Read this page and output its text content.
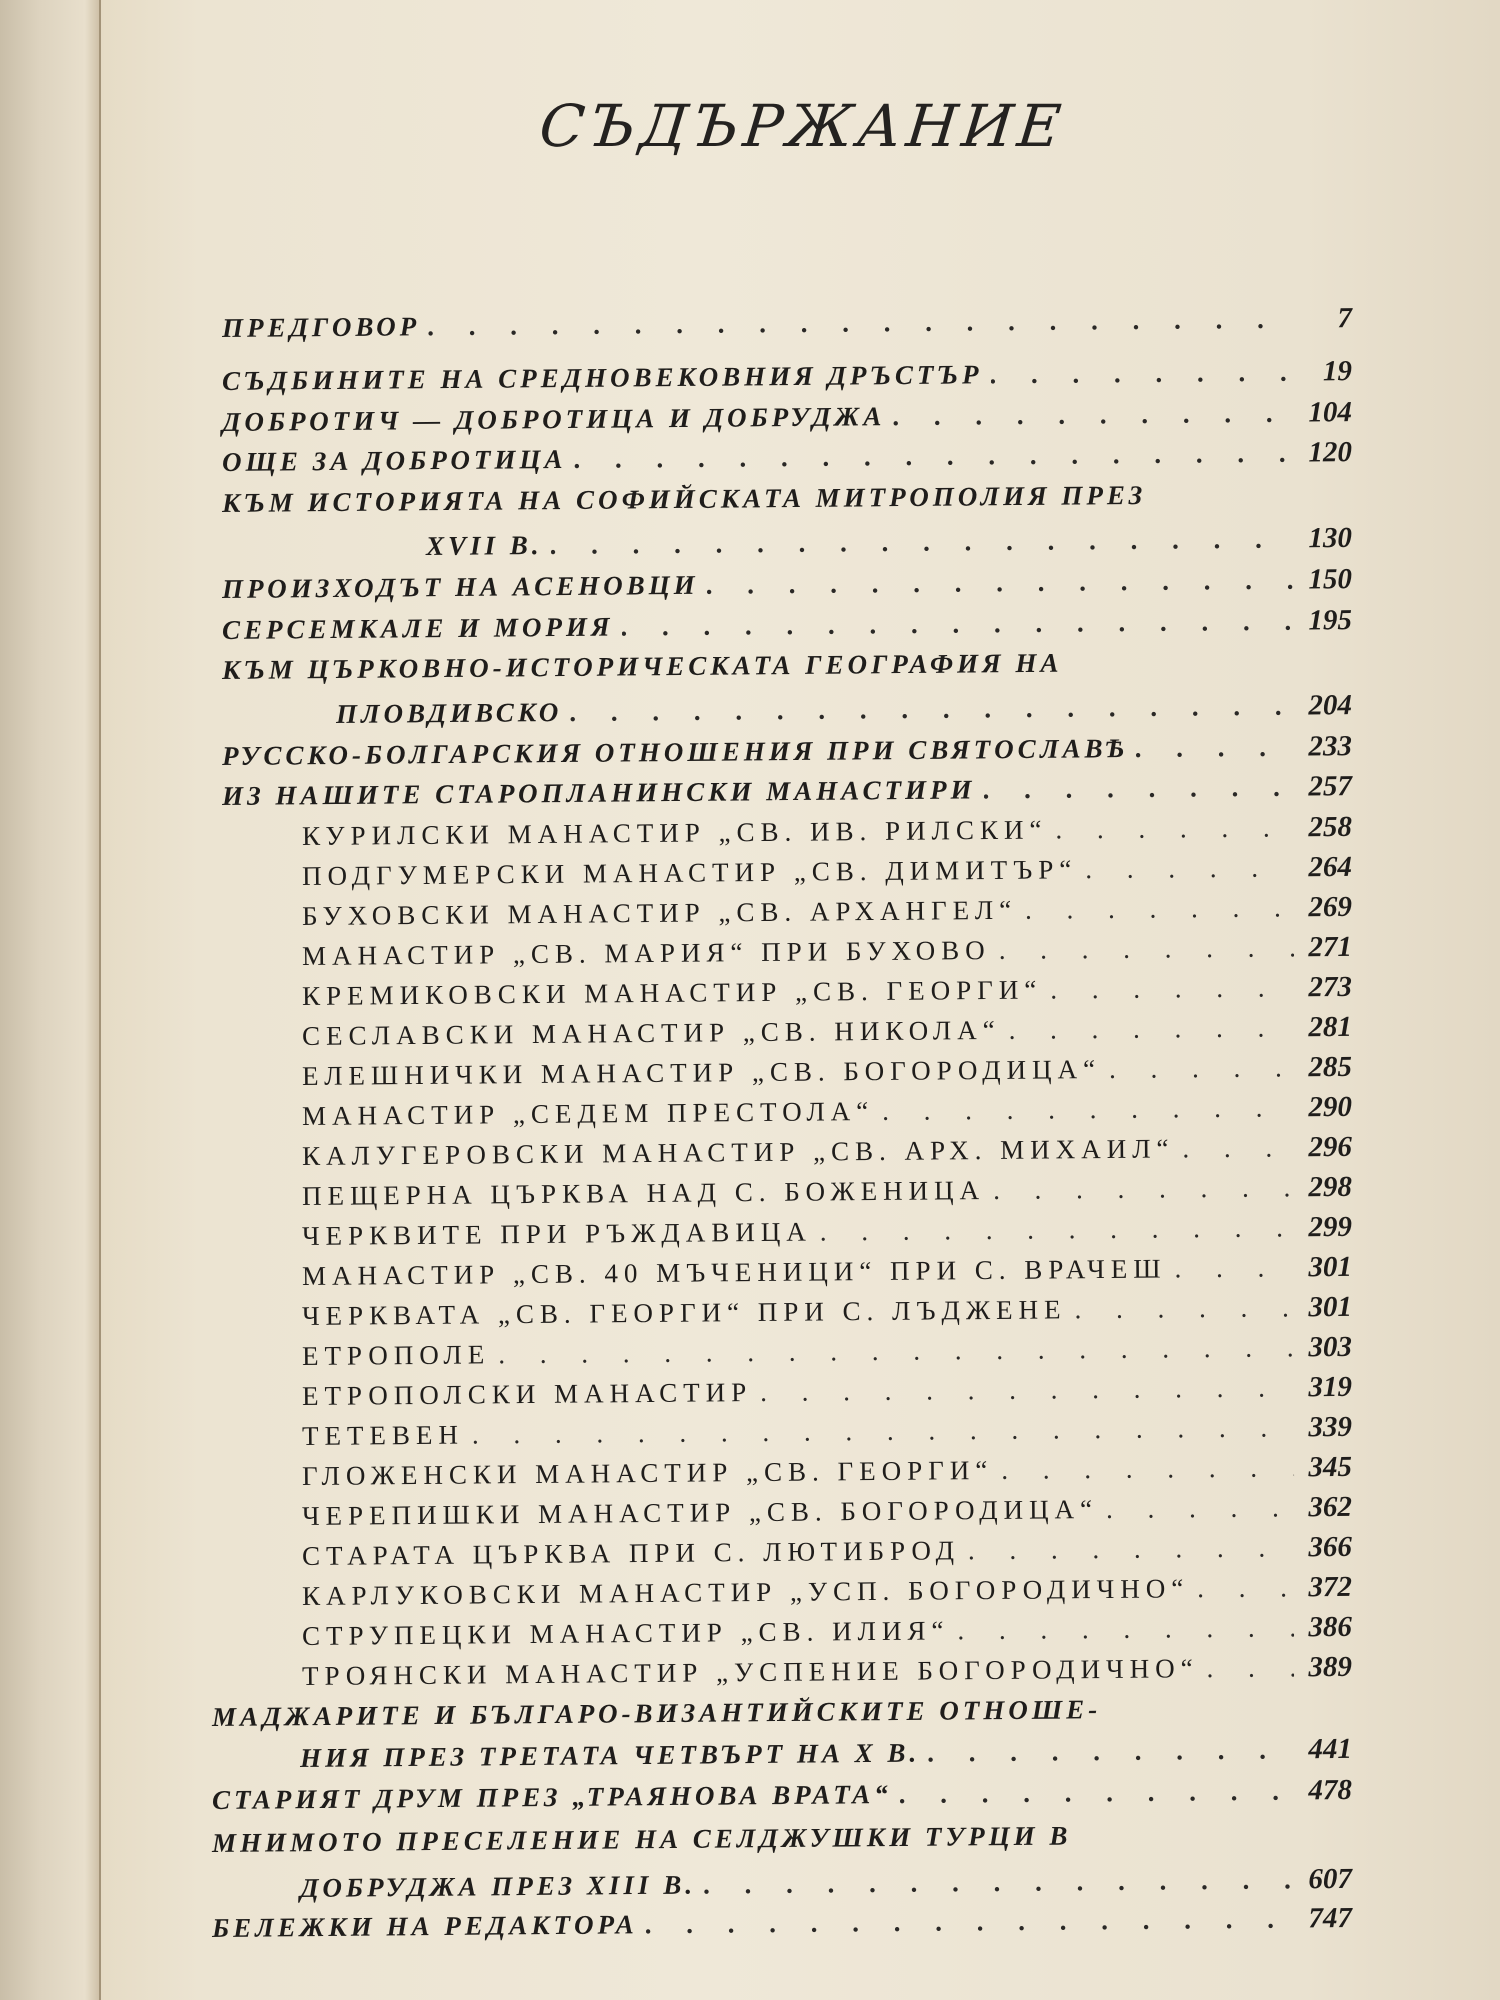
СЪДЪРЖАНИЕ
ПРЕДГОВОР . . .	7
СЪДБИНИТЕ НА СРЕДНОВЕКОВНИЯ ДРЪСТЪР . . .	19
ДОБРОТИЧ — ДОБРОТИЦА И ДОБРУДЖА . . .	104
ОЩЕ ЗА ДОБРОТИЦА . . .	120
КЪМ ИСТОРИЯТА НА СОФИЙСКАТА МИТРОПОЛИЯ ПРЕЗ
XVII В. . . .	130
ПРОИЗХОДЪТ НА АСЕНОВЦИ . . .	150
СЕРСЕМКАЛЕ И МОРИЯ . . .	195
КЪМ ЦЪРКОВНО-ИСТОРИЧЕСКАТА ГЕОГРАФИЯ НА
ПЛОВДИВСКО . . .	204
РУССКО-БОЛГАРСКИЯ ОТНОШЕНИЯ ПРИ СВЯТОСЛАВѢ . . .	233
ИЗ НАШИТЕ СТАРОПЛАНИНСКИ МАНАСТИРИ . . .	257
КУРИЛСКИ МАНАСТИР „СВ. ИВ. РИЛСКИ“ . . .	258
ПОДГУМЕРСКИ МАНАСТИР „СВ. ДИМИТЪР“ . . .	264
БУХОВСКИ МАНАСТИР „СВ. АРХАНГЕЛ“ . . .	269
МАНАСТИР „СВ. МАРИЯ“ ПРИ БУХОВО . . .	271
КРЕМИКОВСКИ МАНАСТИР „СВ. ГЕОРГИ“ . . .	273
СЕСЛАВСКИ МАНАСТИР „СВ. НИКОЛА“ . . .	281
ЕЛЕШНИЧКИ МАНАСТИР „СВ. БОГОРОДИЦА“ . . .	285
МАНАСТИР „СЕДЕМ ПРЕСТОЛА“ . . .	290
КАЛУГЕРОВСКИ МАНАСТИР „СВ. АРХ. МИХАИЛ“ . . .	296
ПЕЩЕРНА ЦЪРКВА НАД С. БОЖЕНИЦА . . .	298
ЧЕРКВИТЕ ПРИ РЪЖДАВИЦА . . .	299
МАНАСТИР „СВ. 40 МЪЧЕНИЦИ“ ПРИ С. ВРАЧЕШ . . .	301
ЧЕРКВАТА „СВ. ГЕОРГИ“ ПРИ С. ЛЪДЖЕНЕ . . .	301
ЕТРОПОЛЕ . . .	303
ЕТРОПОЛСКИ МАНАСТИР . . .	319
ТЕТЕВЕН . . .	339
ГЛОЖЕНСКИ МАНАСТИР „СВ. ГЕОРГИ“ . . .	345
ЧЕРЕПИШКИ МАНАСТИР „СВ. БОГОРОДИЦА“ . . .	362
СТАРАТА ЦЪРКВА ПРИ С. ЛЮТИБРОД . . .	366
КАРЛУКОВСКИ МАНАСТИР „УСП. БОГОРОДИЧНО“ . . .	372
СТРУПЕЦКИ МАНАСТИР „СВ. ИЛИЯ“ . . .	386
ТРОЯНСКИ МАНАСТИР „УСПЕНИЕ БОГОРОДИЧНО“ . . .	389
МАДЖАРИТЕ И БЪЛГАРО-ВИЗАНТИЙСКИТЕ ОТНОШЕ-
НИЯ ПРЕЗ ТРЕТАТА ЧЕТВЪРТ НА X В. . . .	441
СТАРИЯТ ДРУМ ПРЕЗ „ТРАЯНОВА ВРАТА“ . . .	478
МНИМОТО ПРЕСЕЛЕНИЕ НА СЕЛДЖУШКИ ТУРЦИ В
ДОБРУДЖА ПРЕЗ XIII В. . . .	607
БЕЛЕЖКИ НА РЕДАКТОРА . . .	747
